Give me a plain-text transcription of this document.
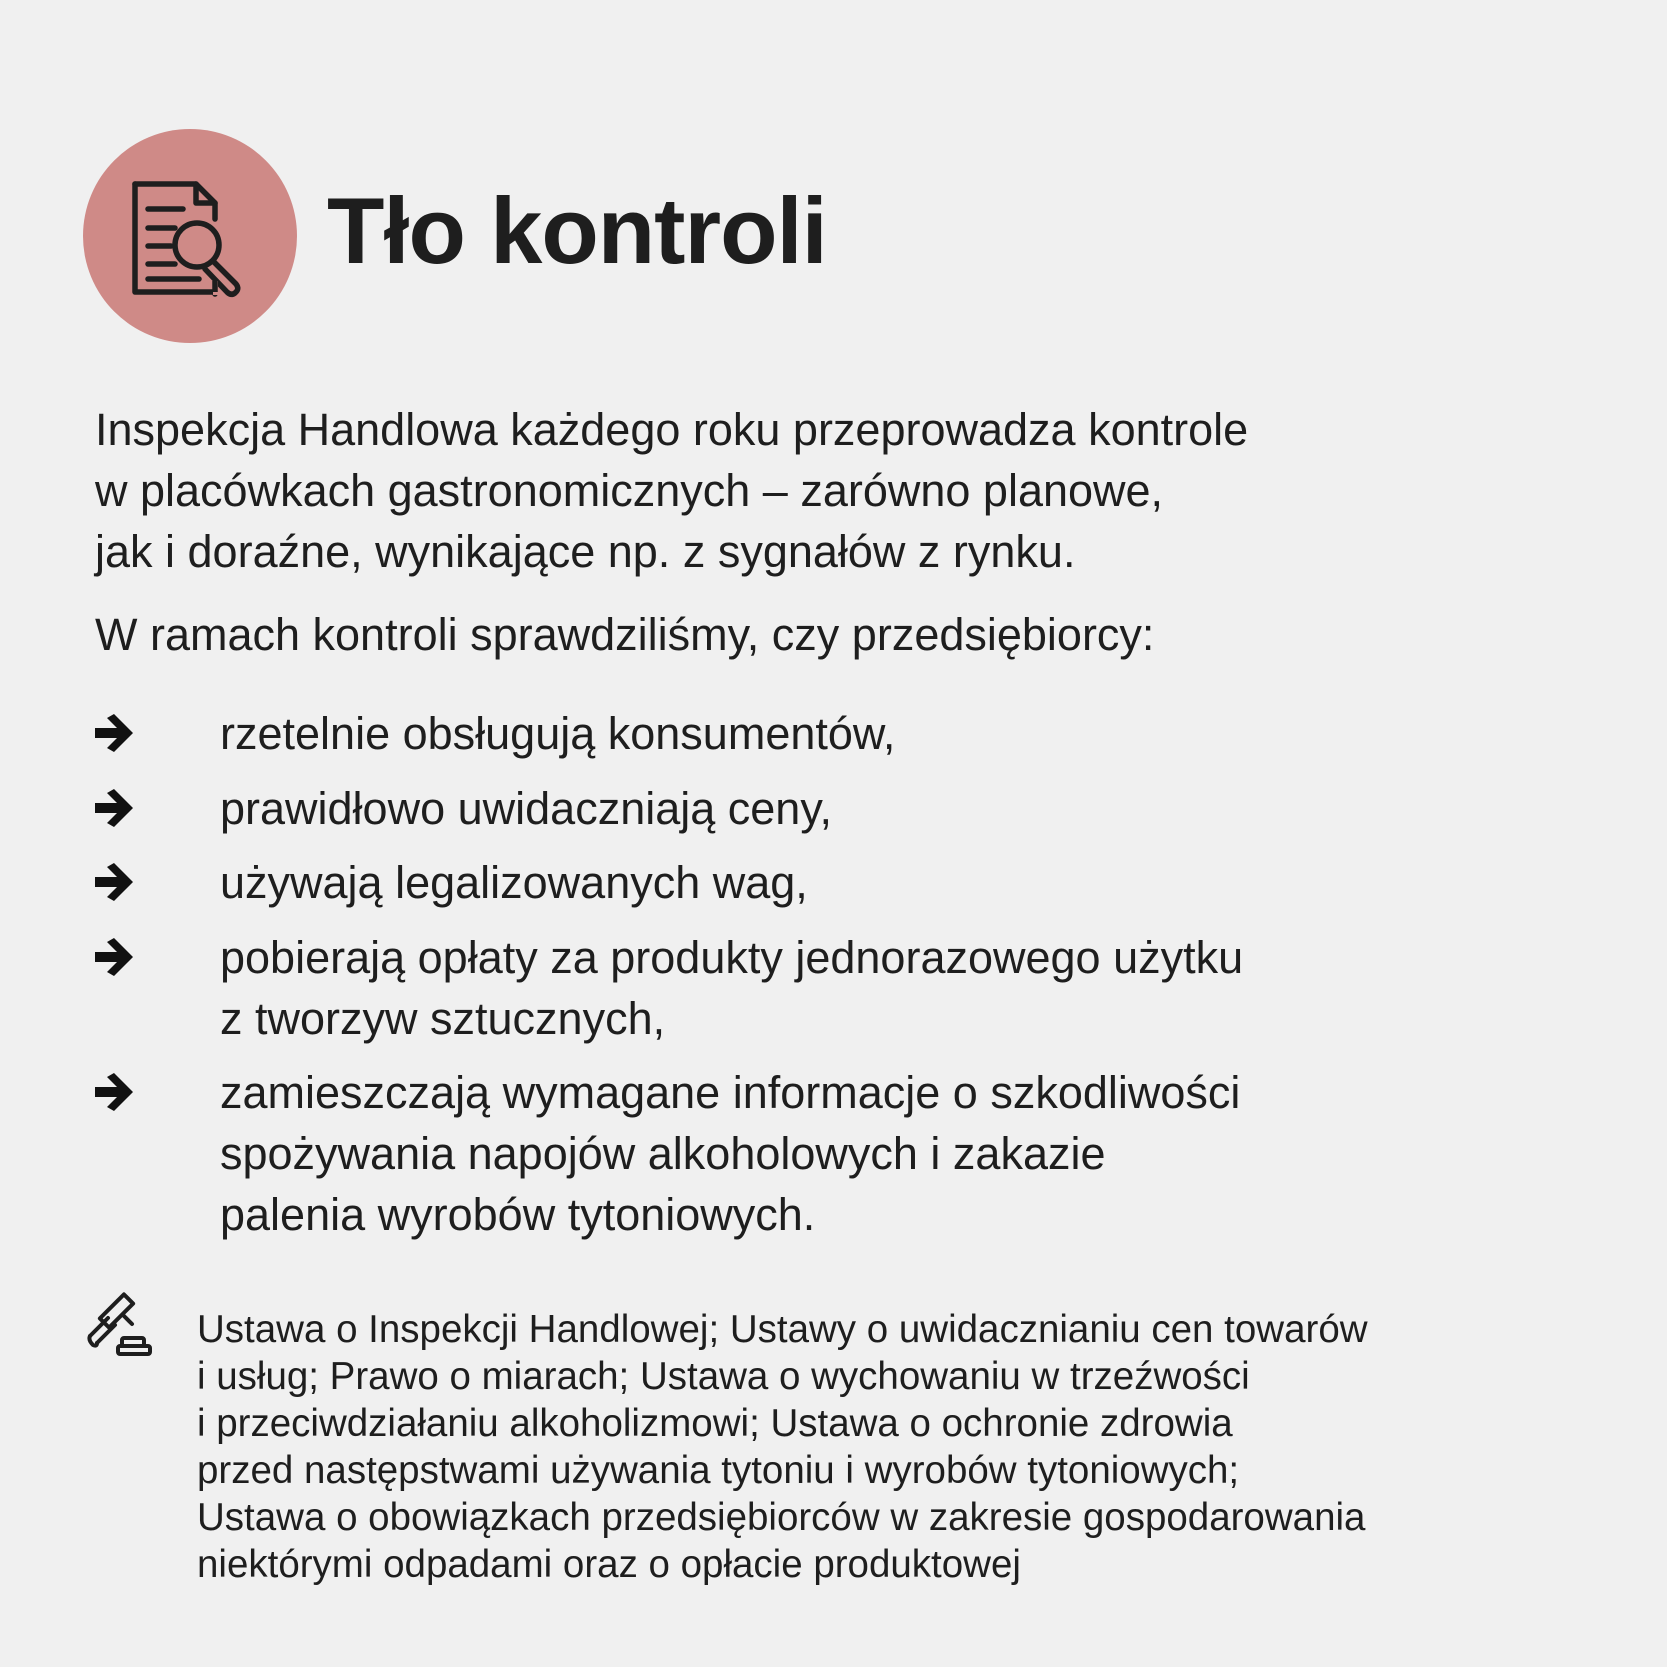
Tło kontroli

Inspekcja Handlowa każdego roku przeprowadza kontrole
w placówkach gastronomicznych – zarówno planowe,
jak i doraźne, wynikające np. z sygnałów z rynku.

W ramach kontroli sprawdziliśmy, czy przedsiębiorcy:

rzetelnie obsługują konsumentów,
prawidłowo uwidaczniają ceny,
używają legalizowanych wag,
pobierają opłaty za produkty jednorazowego użytku
z tworzyw sztucznych,
zamieszczają wymagane informacje o szkodliwości
spożywania napojów alkoholowych i zakazie
palenia wyrobów tytoniowych.

Ustawa o Inspekcji Handlowej; Ustawy o uwidacznianiu cen towarów
i usług; Prawo o miarach; Ustawa o wychowaniu w trzeźwości
i przeciwdziałaniu alkoholizmowi; Ustawa o ochronie zdrowia
przed następstwami używania tytoniu i wyrobów tytoniowych;
Ustawa o obowiązkach przedsiębiorców w zakresie gospodarowania
niektórymi odpadami oraz o opłacie produktowej
